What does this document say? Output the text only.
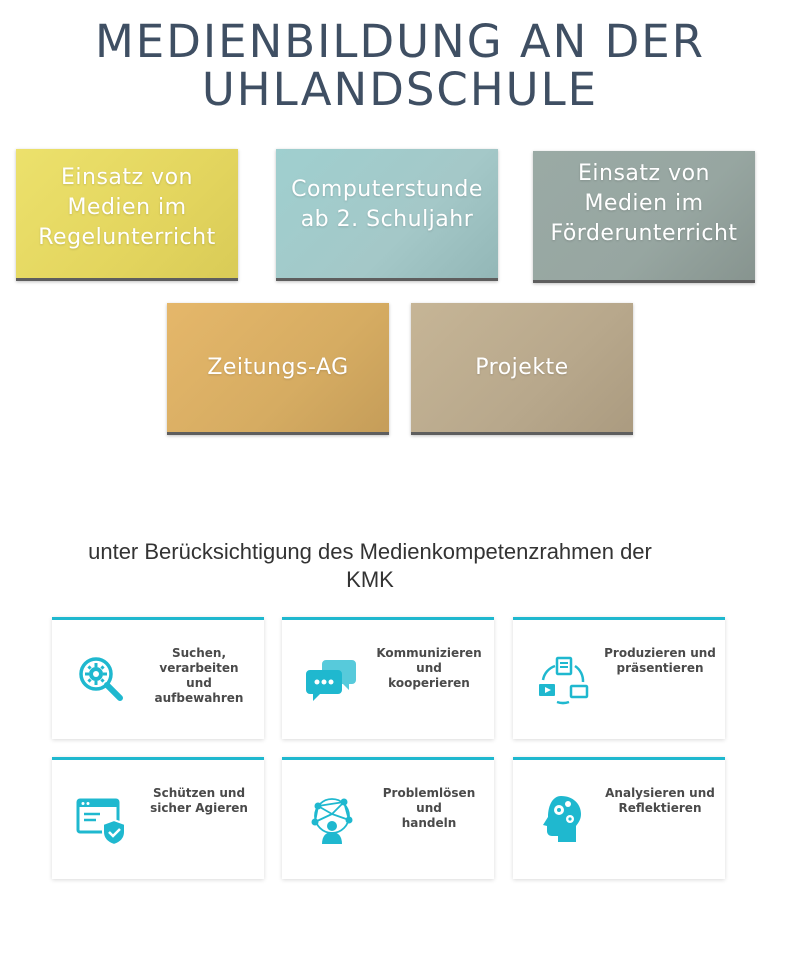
MEDIENBILDUNG AN DER
UHLANDSCHULE
Einsatz von
Medien im
Regelunterricht
Computerstunde
ab 2. Schuljahr
Einsatz von
Medien im
Förderunterricht
Zeitungs-AG	Projekte
unter Berücksichtigung des Medienkompetenzrahmen der
KMK
Suchen,
verarbeiten
und aufbewahren
Kommunizieren
und
kooperieren
Produzieren und
präsentieren
Schützen und
sicher Agieren
Problemlösen und
handeln
Analysieren und
Reflektieren
